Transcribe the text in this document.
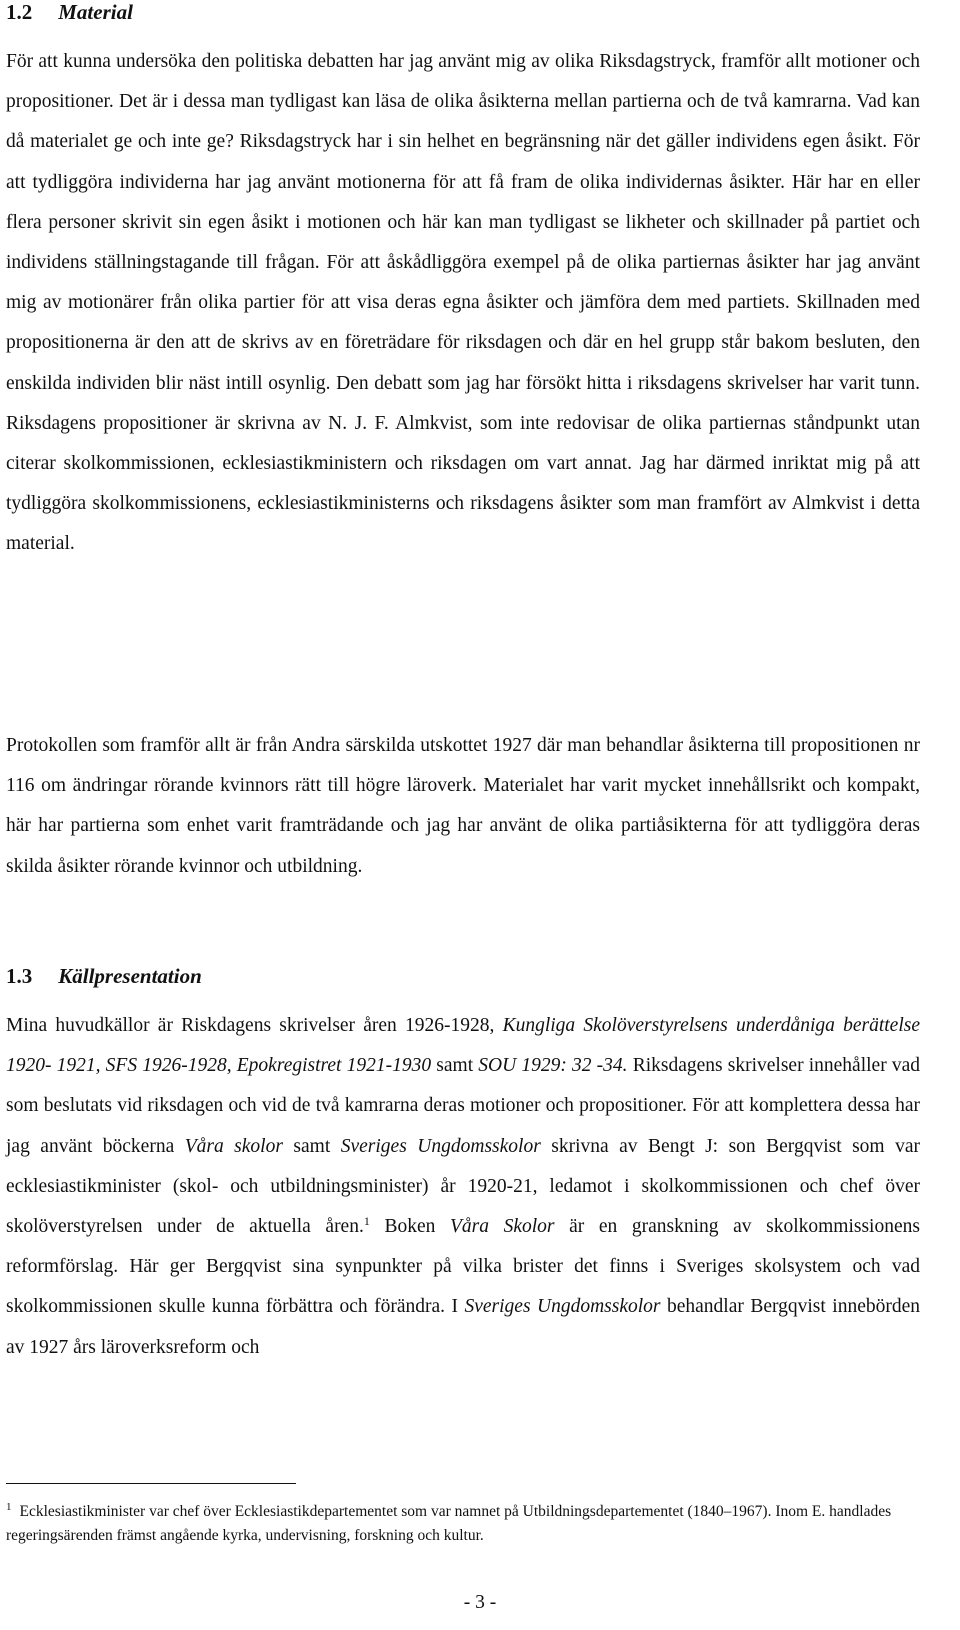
1.2 Material

För att kunna undersöka den politiska debatten har jag använt mig av olika Riksdagstryck, framför allt motioner och propositioner. Det är i dessa man tydligast kan läsa de olika åsikterna mellan partierna och de två kamrarna. Vad kan då materialet ge och inte ge? Riksdagstryck har i sin helhet en begränsning när det gäller individens egen åsikt. För att tydliggöra individerna har jag använt motionerna för att få fram de olika individernas åsikter. Här har en eller flera personer skrivit sin egen åsikt i motionen och här kan man tydligast se likheter och skillnader på partiet och individens ställningstagande till frågan. För att åskådliggöra exempel på de olika partiernas åsikter har jag använt mig av motionärer från olika partier för att visa deras egna åsikter och jämföra dem med partiets. Skillnaden med propositionerna är den att de skrivs av en företrädare för riksdagen och där en hel grupp står bakom besluten, den enskilda individen blir näst intill osynlig. Den debatt som jag har försökt hitta i riksdagens skrivelser har varit tunn. Riksdagens propositioner är skrivna av N. J. F. Almkvist, som inte redovisar de olika partiernas ståndpunkt utan citerar skolkommissionen, ecklesiastikministern och riksdagen om vart annat. Jag har därmed inriktat mig på att tydliggöra skolkommissionens, ecklesiastikministerns och riksdagens åsikter som man framfört av Almkvist i detta material.

Protokollen som framför allt är från Andra särskilda utskottet 1927 där man behandlar åsikterna till propositionen nr 116 om ändringar rörande kvinnors rätt till högre läroverk. Materialet har varit mycket innehållsrikt och kompakt, här har partierna som enhet varit framträdande och jag har använt de olika partiåsikterna för att tydliggöra deras skilda åsikter rörande kvinnor och utbildning.

1.3 Källpresentation

Mina huvudkällor är Riskdagens skrivelser åren 1926-1928, Kungliga Skolöverstyrelsens underdåniga berättelse 1920- 1921, SFS 1926-1928, Epokregistret 1921-1930 samt SOU 1929: 32 -34. Riksdagens skrivelser innehåller vad som beslutats vid riksdagen och vid de två kamrarna deras motioner och propositioner. För att komplettera dessa har jag använt böckerna Våra skolor samt Sveriges Ungdomsskolor skrivna av Bengt J: son Bergqvist som var ecklesiastikminister (skol- och utbildningsminister) år 1920-21, ledamot i skolkommissionen och chef över skolöverstyrelsen under de aktuella åren.$^1$ Boken Våra Skolor är en granskning av skolkommissionens reformförslag. Här ger Bergqvist sina synpunkter på vilka brister det finns i Sveriges skolsystem och vad skolkommissionen skulle kunna förbättra och förändra. I Sveriges Ungdomsskolor behandlar Bergqvist innebörden av 1927 års läroverksreform och

$^1$ Ecklesiastikminister var chef över Ecklesiastikdepartementet som var namnet på Utbildningsdepartementet (1840–1967). Inom E. handlades regeringsärenden främst angående kyrka, undervisning, forskning och kultur.
- 3 -
